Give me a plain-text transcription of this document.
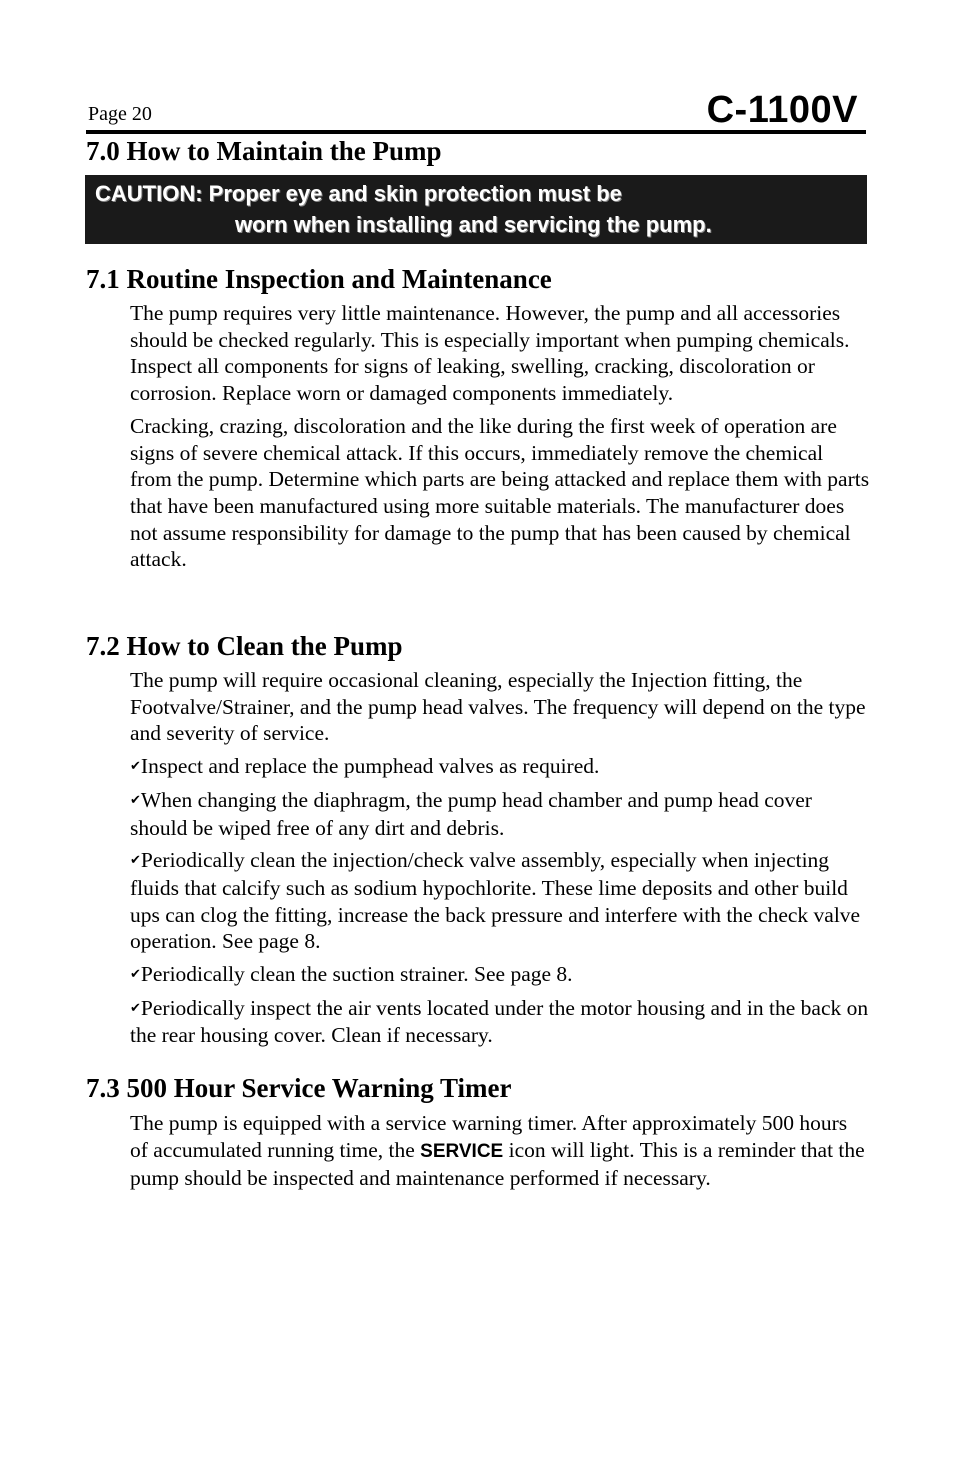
Page 20	C-1100V
7.0 How to Maintain the Pump
CAUTION: Proper eye and skin protection must be
worn when installing and servicing the pump.
7.1 Routine Inspection and Maintenance

The pump requires very little maintenance. However, the pump and all accessories should be checked regularly. This is especially important when pumping chemicals. Inspect all components for signs of leaking, swelling, cracking, discoloration or corrosion. Replace worn or damaged components immediately.

Cracking, crazing, discoloration and the like during the first week of operation are signs of severe chemical attack. If this occurs, immediately remove the chemical from the pump. Determine which parts are being attacked and replace them with parts that have been manufactured using more suitable materials. The manufacturer does not assume responsibility for damage to the pump that has been caused by chemical attack.

7.2 How to Clean the Pump

The pump will require occasional cleaning, especially the Injection fitting, the Footvalve/Strainer, and the pump head valves. The frequency will depend on the type and severity of service.

✔Inspect and replace the pumphead valves as required.

✔When changing the diaphragm, the pump head chamber and pump head cover should be wiped free of any dirt and debris.

✔Periodically clean the injection/check valve assembly, especially when injecting fluids that calcify such as sodium hypochlorite. These lime deposits and other build ups can clog the fitting, increase the back pressure and interfere with the check valve operation. See page 8.

✔Periodically clean the suction strainer. See page 8.

✔Periodically inspect the air vents located under the motor housing and in the back on the rear housing cover. Clean if necessary.

7.3 500 Hour Service Warning Timer

The pump is equipped with a service warning timer. After approximately 500 hours of accumulated running time, the SERVICE icon will light. This is a reminder that the pump should be inspected and maintenance performed if necessary.
